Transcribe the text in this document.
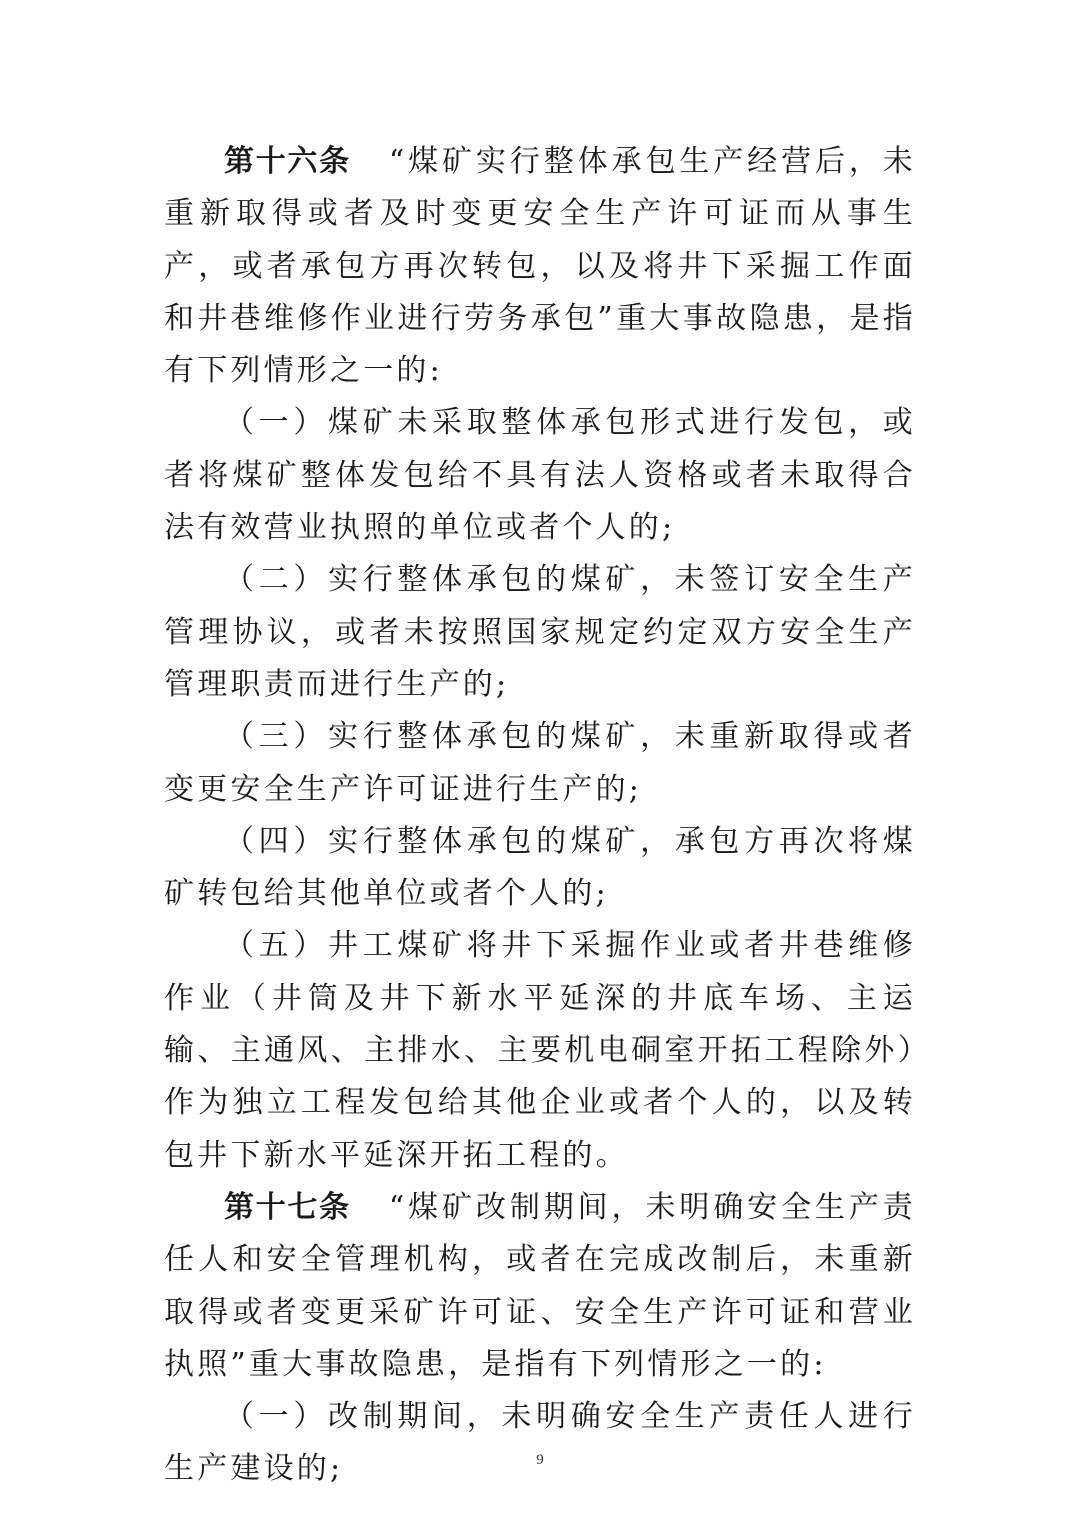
第十六条 “煤矿实行整体承包生产经营后，未重新取得或者及时变更安全生产许可证而从事生产，或者承包方再次转包，以及将井下采掘工作面和井巷维修作业进行劳务承包”重大事故隐患，是指有下列情形之一的:

（一）煤矿未采取整体承包形式进行发包，或者将煤矿整体发包给不具有法人资格或者未取得合法有效营业执照的单位或者个人的;

（二）实行整体承包的煤矿，未签订安全生产管理协议，或者未按照国家规定约定双方安全生产管理职责而进行生产的;

（三）实行整体承包的煤矿，未重新取得或者变更安全生产许可证进行生产的;

（四）实行整体承包的煤矿，承包方再次将煤矿转包给其他单位或者个人的;

（五）井工煤矿将井下采掘作业或者井巷维修作业（井筒及井下新水平延深的井底车场、主运输、主通风、主排水、主要机电硐室开拓工程除外）作为独立工程发包给其他企业或者个人的，以及转包井下新水平延深开拓工程的。

第十七条 “煤矿改制期间，未明确安全生产责任人和安全管理机构，或者在完成改制后，未重新取得或者变更采矿许可证、安全生产许可证和营业执照”重大事故隐患，是指有下列情形之一的:

（一）改制期间，未明确安全生产责任人进行生产建设的;	9
